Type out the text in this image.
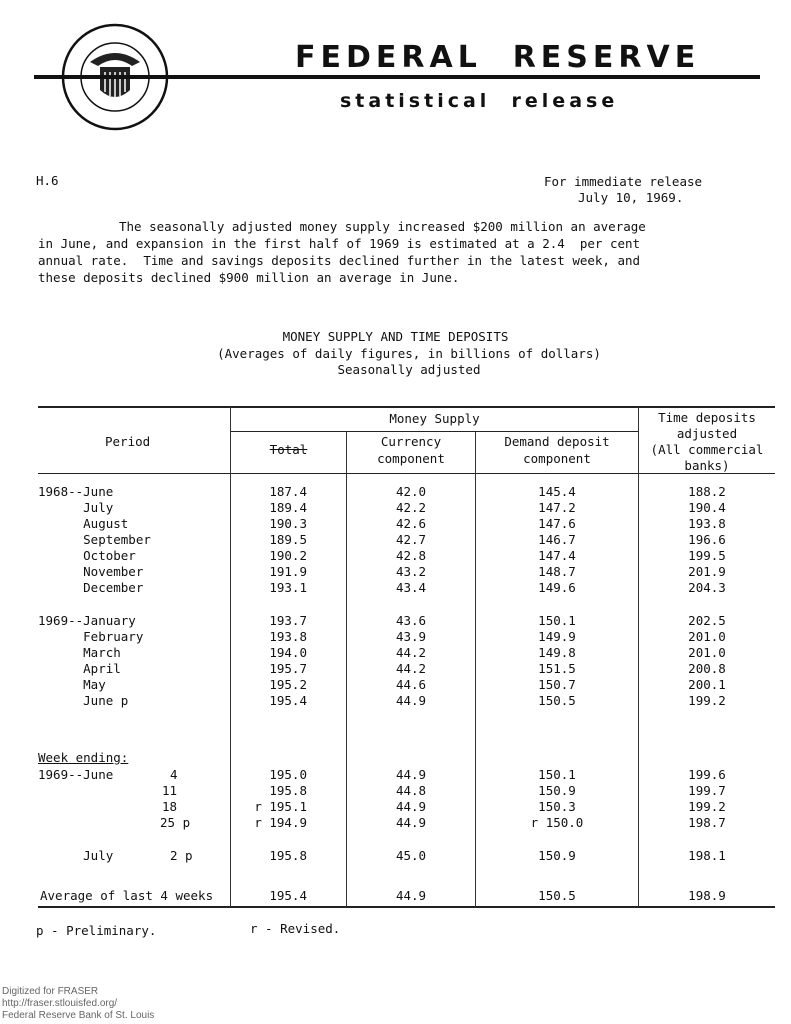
FEDERAL  RESERVE
statistical  release
H.6	For immediate release
July 10, 1969.
The seasonally adjusted money supply increased $200 million an average
in June, and expansion in the first half of 1969 is estimated at a 2.4  per cent
annual rate.  Time and savings deposits declined further in the latest week, and
these deposits declined $900 million an average in June.
MONEY SUPPLY AND TIME DEPOSITS
(Averages of daily figures, in billions of dollars)
Seasonally adjusted
Period
Money Supply
Total
Currency
component
Demand deposit
component
Time deposits
adjusted
(All commercial
banks)
1968--June	187.4	42.0	145.4	188.2
July	189.4	42.2	147.2	190.4
August	190.3	42.6	147.6	193.8
September	189.5	42.7	146.7	196.6
October	190.2	42.8	147.4	199.5
November	191.9	43.2	148.7	201.9
December	193.1	43.4	149.6	204.3
1969--January	193.7	43.6	150.1	202.5
February	193.8	43.9	149.9	201.0
March	194.0	44.2	149.8	201.0
April	195.7	44.2	151.5	200.8
May	195.2	44.6	150.7	200.1
June p	195.4	44.9	150.5	199.2
Week ending:
1969--June	4	195.0	44.9	150.1	199.6
11	195.8	44.8	150.9	199.7
18	r 195.1	44.9	150.3	199.2
25 p	r 194.9	44.9	r 150.0	198.7
July	2 p	195.8	45.0	150.9	198.1
Average of last 4 weeks	195.4	44.9	150.5	198.9
p - Preliminary.	r - Revised.
Digitized for FRASER
http://fraser.stlouisfed.org/
Federal Reserve Bank of St. Louis
